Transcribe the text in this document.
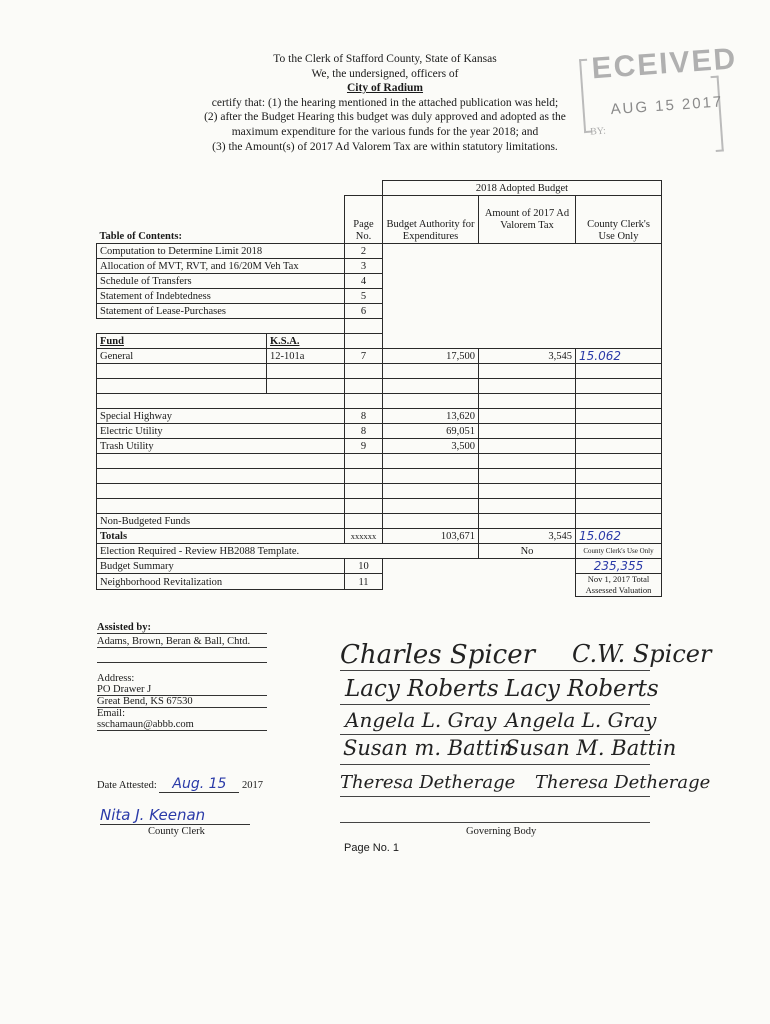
To the Clerk of Stafford County, State of Kansas
We, the undersigned, officers of
City of Radium
certify that: (1) the hearing mentioned in the attached publication was held;
(2) after the Budget Hearing this budget was duly approved and adopted as the
maximum expenditure for the various funds for the year 2018; and
(3) the Amount(s) of 2017 Ad Valorem Tax are within statutory limitations.
ECEIVED
AUG 15 2017
BY:
			2018 Adopted Budget		
Table of Contents:		Page No.	Budget Authority for Expenditures	Amount of 2017 Ad Valorem Tax	County Clerk's Use Only
Computation to Determine Limit 2018		2			
Allocation of MVT, RVT, and 16/20M Veh Tax		3			
Schedule of Transfers		4			
Statement of Indebtedness		5			
Statement of Lease-Purchases		6			

Fund	K.S.A.				
General	12-101a	7	17,500	3,545	15.062

Special Highway		8	13,620		
Electric Utility		8	69,051		
Trash Utility		9	3,500		

Non-Budgeted Funds					
Totals		xxxxxx	103,671	3,545	15.062
Election Required - Review HB2088 Template.				No	County Clerk's Use Only
Budget Summary		10			235,355
Neighborhood Revitalization		11			Nov 1, 2017 Total Assessed Valuation

Assisted by:
Adams, Brown, Beran & Ball, Chtd.
Address:
PO Drawer J
Great Bend, KS 67530
Email:
sschamaun@abbb.com
Date Attested: Aug. 15 2017
Nita J. Keenan
County Clerk
Charles Spicer C.W. Spicer
Lacy Roberts Lacy Roberts
Angela L. Gray Angela L. Gray
Susan m. Battin
Susan M. Battin
Theresa Detherage Theresa Detherage
Governing Body
Page No. 1
